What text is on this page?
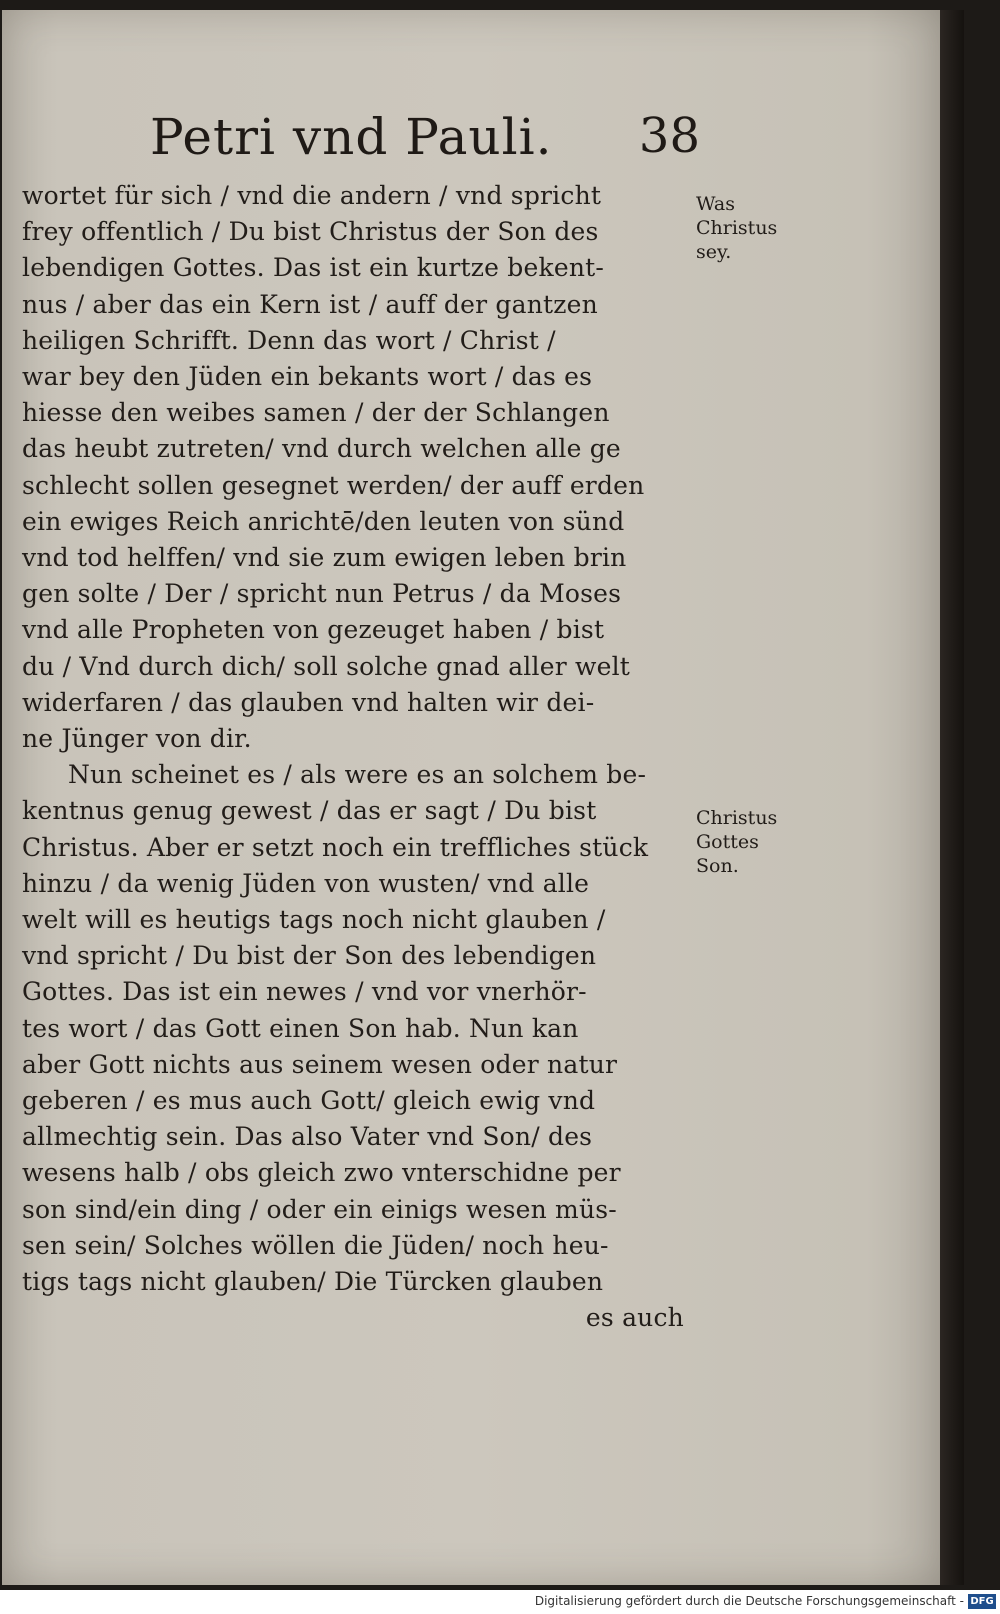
Petri vnd Pauli. 38
wortet für sich / vnd die andern / vnd spricht
frey offentlich / Du bist Christus der Son des
lebendigen Gottes. Das ist ein kurtze bekent-
nus / aber das ein Kern ist / auff der gantzen
heiligen Schrifft. Denn das wort / Christ /
war bey den Jüden ein bekants wort / das es
hiesse den weibes samen / der der Schlangen
das heubt zutreten/ vnd durch welchen alle ge
schlecht sollen gesegnet werden/ der auff erden
ein ewiges Reich anrichtē/den leuten von sünd
vnd tod helffen/ vnd sie zum ewigen leben brin
gen solte / Der / spricht nun Petrus / da Moses
vnd alle Propheten von gezeuget haben / bist
du / Vnd durch dich/ soll solche gnad aller welt
widerfaren / das glauben vnd halten wir dei-
ne Jünger von dir.
Nun scheinet es / als were es an solchem be-
kentnus genug gewest / das er sagt / Du bist
Christus. Aber er setzt noch ein treffliches stück
hinzu / da wenig Jüden von wusten/ vnd alle
welt will es heutigs tags noch nicht glauben /
vnd spricht / Du bist der Son des lebendigen
Gottes. Das ist ein newes / vnd vor vnerhör-
tes wort / das Gott einen Son hab. Nun kan
aber Gott nichts aus seinem wesen oder natur
geberen / es mus auch Gott/ gleich ewig vnd
allmechtig sein. Das also Vater vnd Son/ des
wesens halb / obs gleich zwo vnterschidne per
son sind/ein ding / oder ein einigs wesen müs-
sen sein/ Solches wöllen die Jüden/ noch heu-
tigs tags nicht glauben/ Die Türcken glauben
es auch
Was
Christus
sey.
Christus
Gottes
Son.
Digitalisierung gefördert durch die Deutsche Forschungsgemeinschaft - DFG
